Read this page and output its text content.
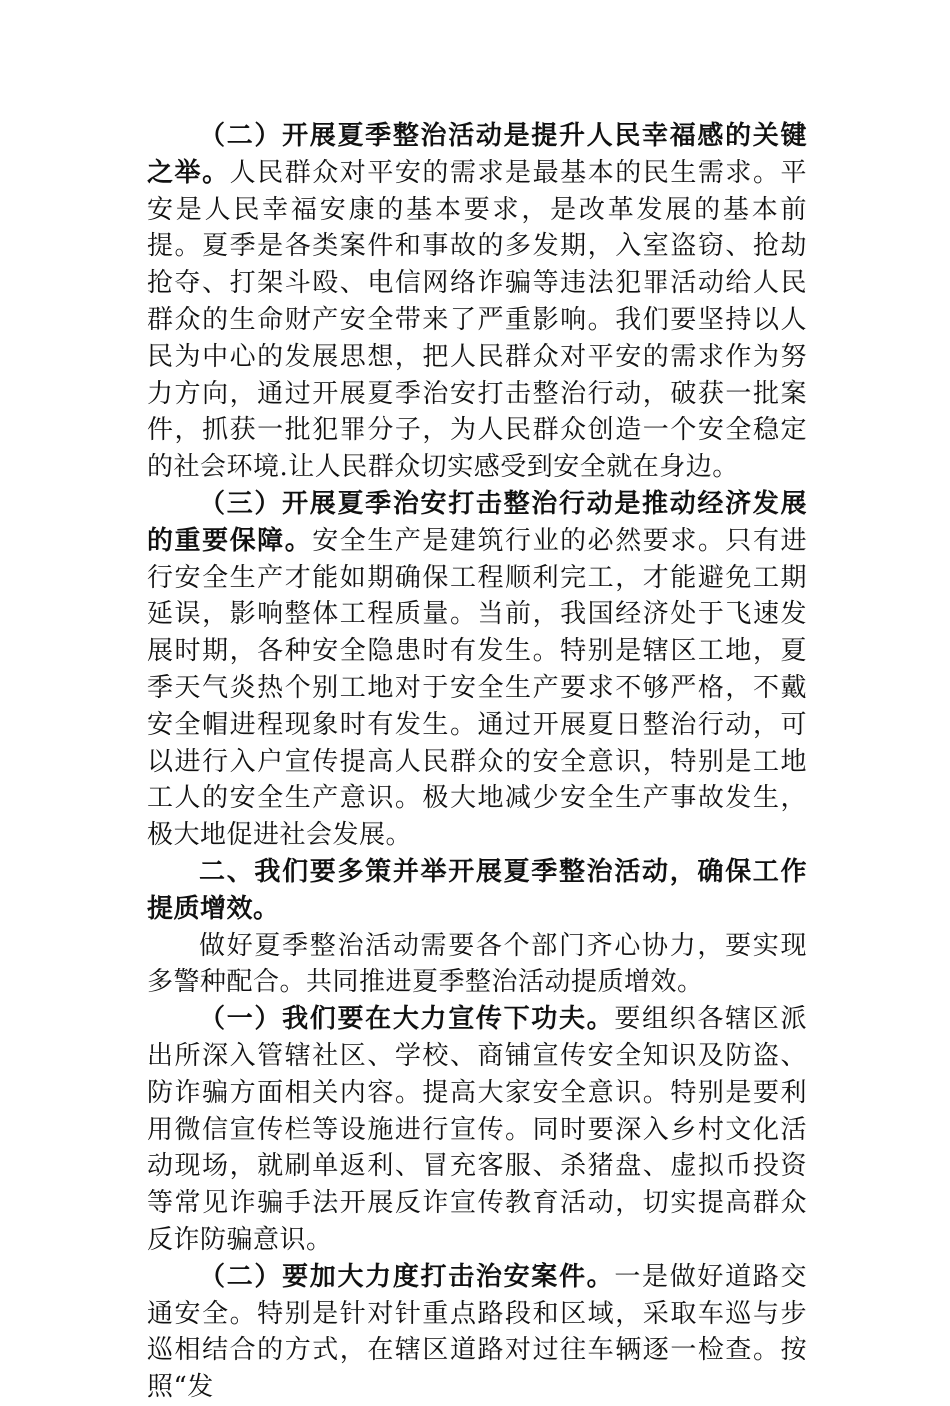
（二）开展夏季整治活动是提升人民幸福感的关键之举。人民群众对平安的需求是最基本的民生需求。平安是人民幸福安康的基本要求，是改革发展的基本前提。夏季是各类案件和事故的多发期，入室盗窃、抢劫抢夺、打架斗殴、电信网络诈骗等违法犯罪活动给人民群众的生命财产安全带来了严重影响。我们要坚持以人民为中心的发展思想，把人民群众对平安的需求作为努力方向，通过开展夏季治安打击整治行动，破获一批案件，抓获一批犯罪分子，为人民群众创造一个安全稳定的社会环境.让人民群众切实感受到安全就在身边。

（三）开展夏季治安打击整治行动是推动经济发展的重要保障。安全生产是建筑行业的必然要求。只有进行安全生产才能如期确保工程顺利完工，才能避免工期延误，影响整体工程质量。当前，我国经济处于飞速发展时期，各种安全隐患时有发生。特别是辖区工地，夏季天气炎热个别工地对于安全生产要求不够严格，不戴安全帽进程现象时有发生。通过开展夏日整治行动，可以进行入户宣传提高人民群众的安全意识，特别是工地工人的安全生产意识。极大地减少安全生产事故发生，极大地促进社会发展。

二、我们要多策并举开展夏季整治活动，确保工作提质增效。

做好夏季整治活动需要各个部门齐心协力，要实现多警种配合。共同推进夏季整治活动提质增效。

（一）我们要在大力宣传下功夫。要组织各辖区派出所深入管辖社区、学校、商铺宣传安全知识及防盗、防诈骗方面相关内容。提高大家安全意识。特别是要利用微信宣传栏等设施进行宣传。同时要深入乡村文化活动现场，就刷单返利、冒充客服、杀猪盘、虚拟币投资等常见诈骗手法开展反诈宣传教育活动，切实提高群众反诈防骗意识。

（二）要加大力度打击治安案件。一是做好道路交通安全。特别是针对针重点路段和区域，采取车巡与步巡相结合的方式，在辖区道路对过往车辆逐一检查。按照“发
